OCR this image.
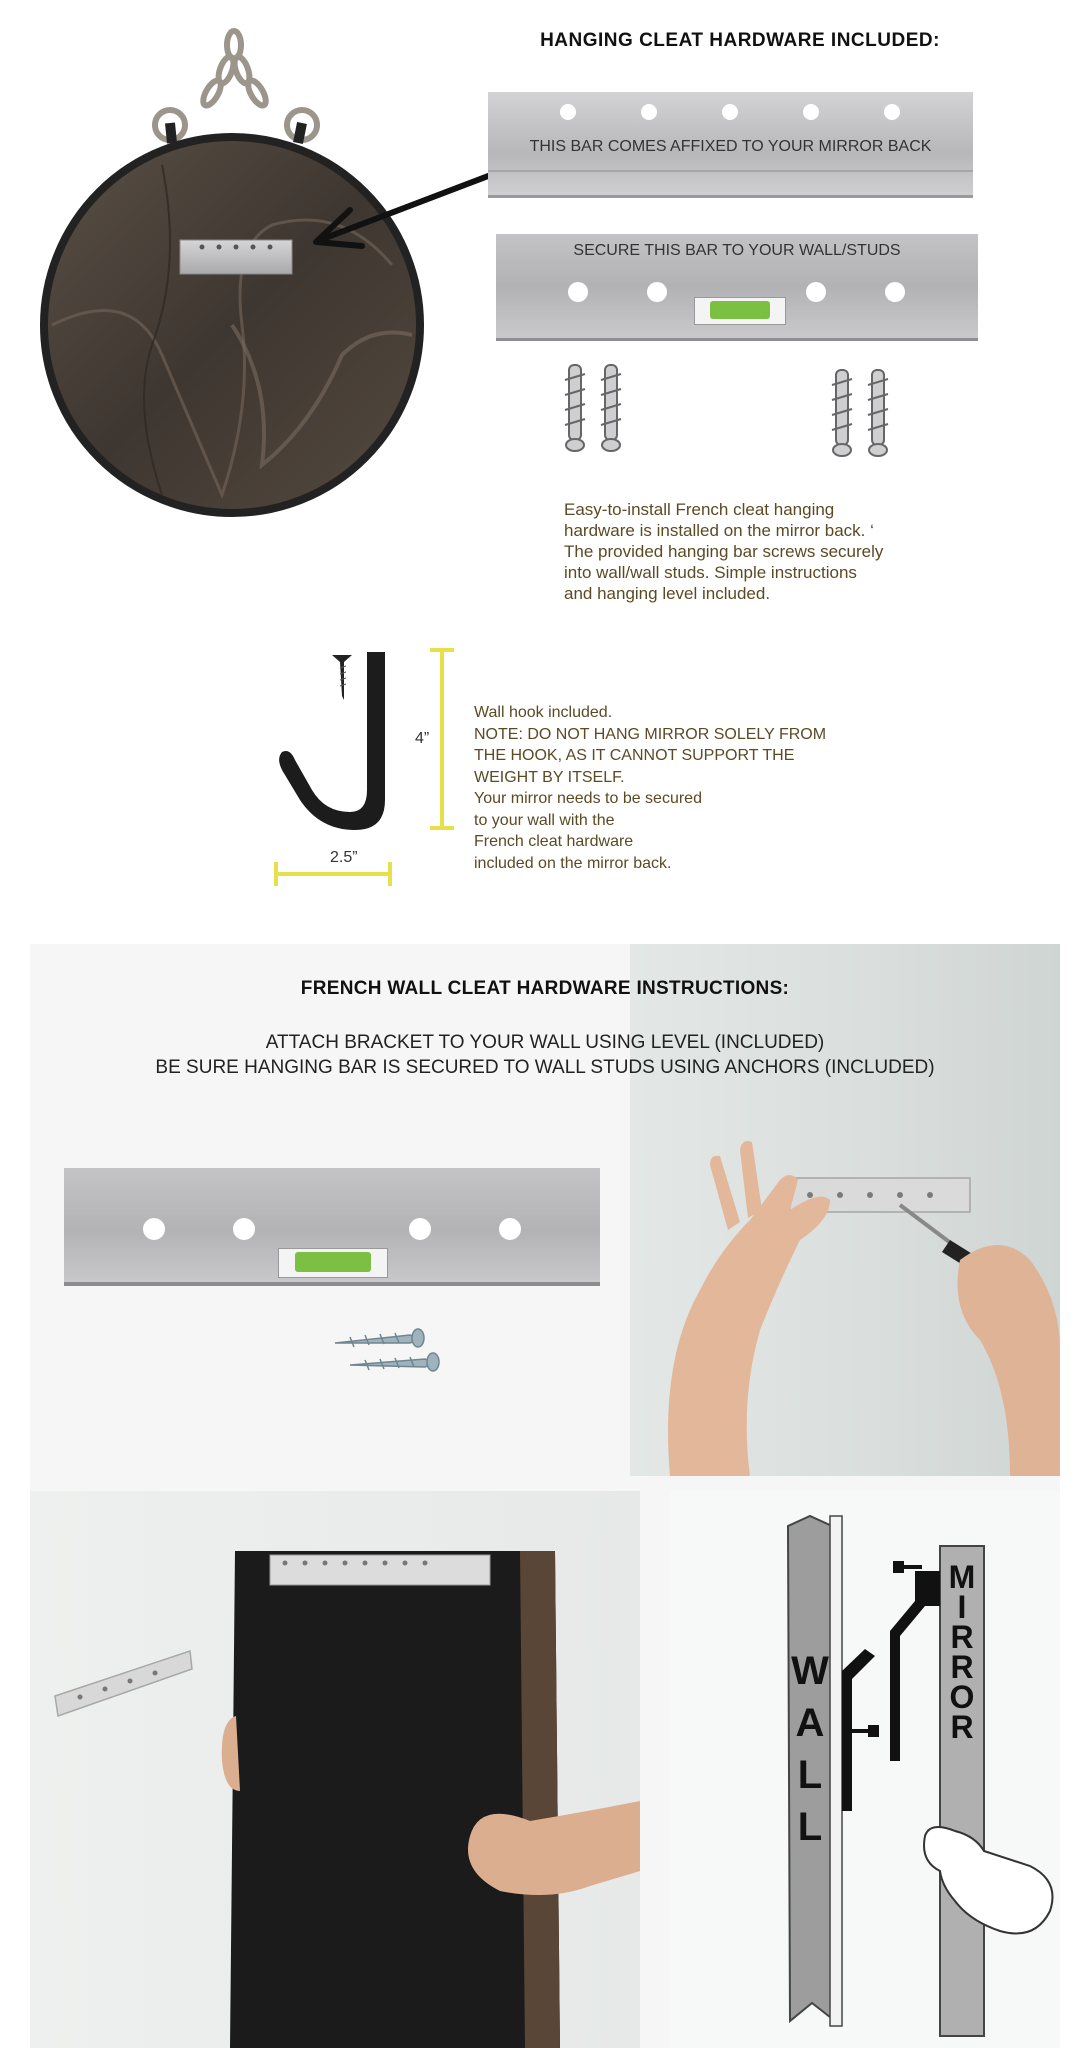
HANGING CLEAT HARDWARE INCLUDED:
THIS BAR COMES AFFIXED TO YOUR MIRROR BACK
SECURE THIS BAR TO YOUR WALL/STUDS
Easy-to-install French cleat hanging
hardware is installed on the mirror back. ‘
The provided hanging bar screws securely
into wall/wall studs. Simple instructions
and hanging level included.
4”
2.5”
Wall hook included.
NOTE: DO NOT HANG MIRROR SOLELY FROM
THE HOOK, AS IT CANNOT SUPPORT THE
WEIGHT BY ITSELF.
Your mirror needs to be secured
to your wall with the
French cleat hardware
included on the mirror back.
FRENCH WALL CLEAT HARDWARE INSTRUCTIONS:
ATTACH BRACKET TO YOUR WALL USING LEVEL (INCLUDED)
BE SURE HANGING BAR IS SECURED TO WALL STUDS USING ANCHORS (INCLUDED)
W
A
L
L
M
I
R
R
O
R
